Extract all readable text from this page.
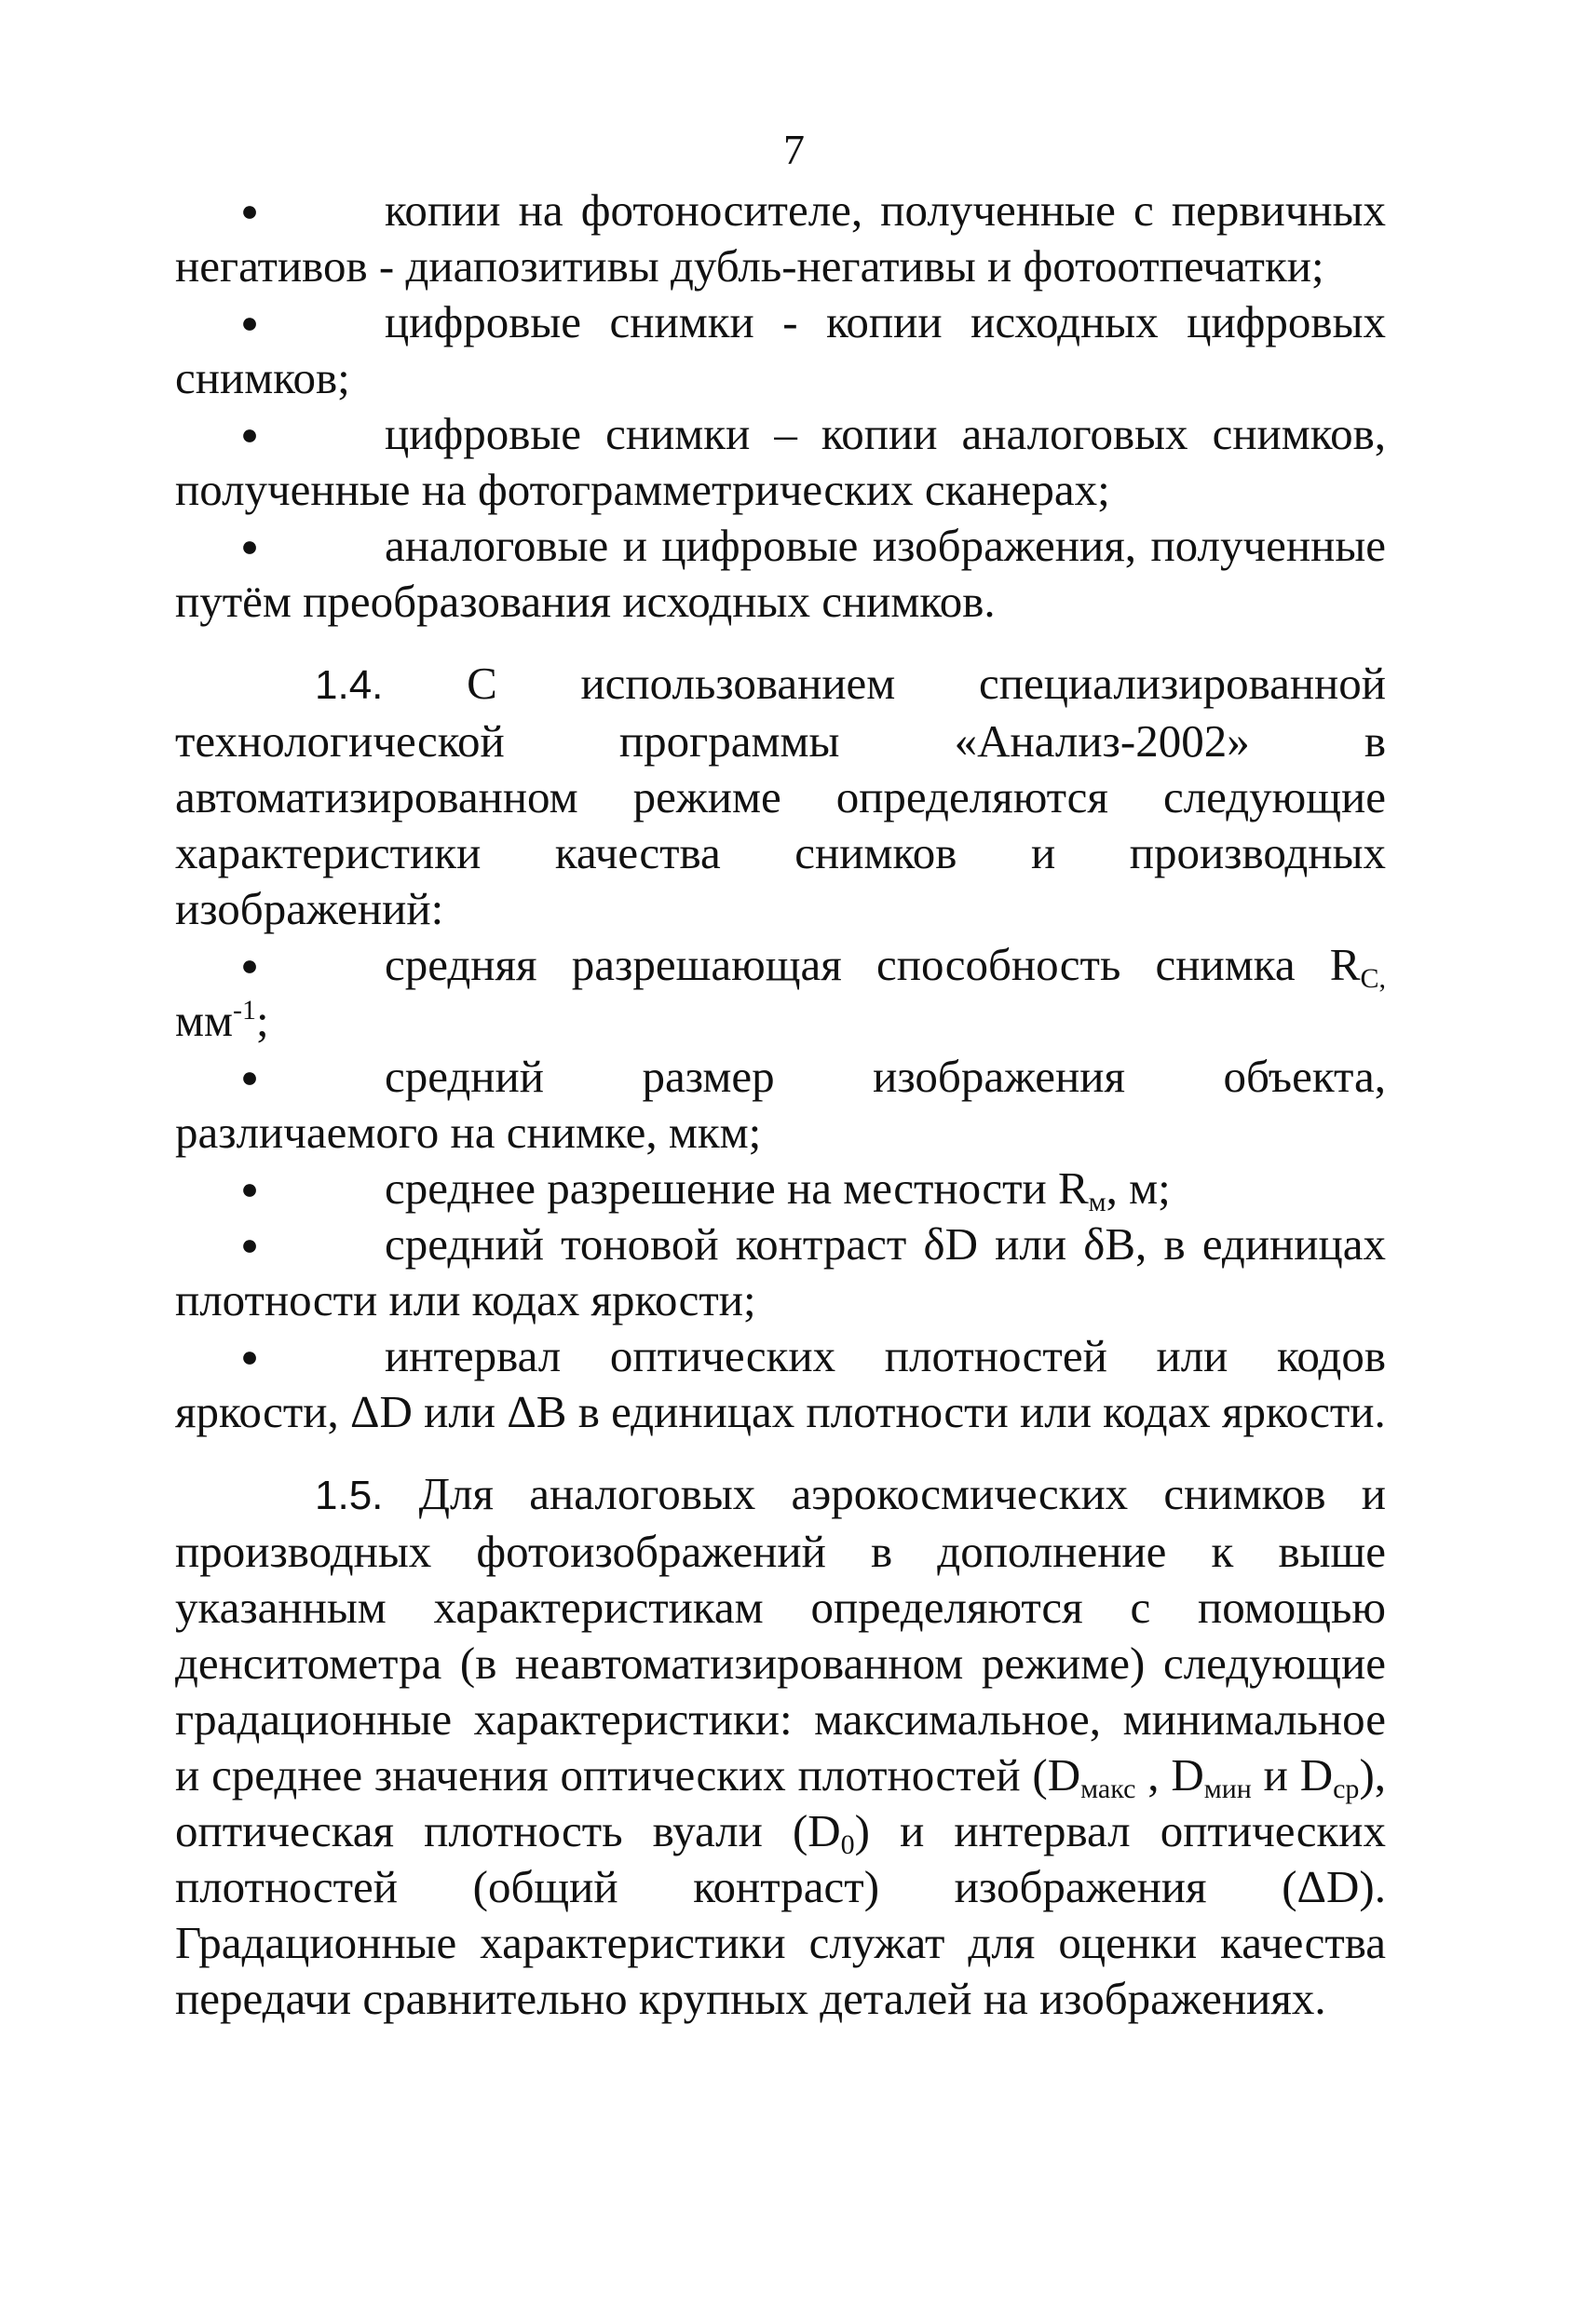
7

●	копии на фотоносителе, полученные с первичных негативов - диапозитивы дубль-негативы и фотоотпечатки;

●	цифровые снимки - копии исходных цифровых снимков;

●	цифровые снимки – копии аналоговых снимков, полученные на фотограмметрических сканерах;

●	аналоговые и цифровые изображения, полученные путём преобразования исходных снимков.

1.4. С использованием специализированной технологической программы «Анализ-2002» в автоматизированном режиме определяются следующие характеристики качества снимков и производных изображений:

●	средняя разрешающая способность снимка $R_{C,}$ $мм^{-1}$;

●	средний размер изображения объекта, различаемого на снимке, мкм;

●	среднее разрешение на местности $R_м$, м;

●	средний тоновой контраст δD или δB, в единицах плотности или кодах яркости;

●	интервал оптических плотностей или кодов яркости, ΔD или ΔB в единицах плотности или кодах яркости.

1.5. Для аналоговых аэрокосмических снимков и производных фотоизображений в дополнение к выше указанным характеристикам определяются с помощью денситометра (в неавтоматизированном режиме) следующие градационные характеристики: максимальное, минимальное и среднее значения оптических плотностей ($D_{макс}$ , $D_{мин}$ и $D_{ср}$), оптическая плотность вуали $(D_0)$ и интервал оптических плотностей (общий контраст) изображения (ΔD). Градационные характеристики служат для оценки качества передачи сравнительно крупных деталей на изображениях.
